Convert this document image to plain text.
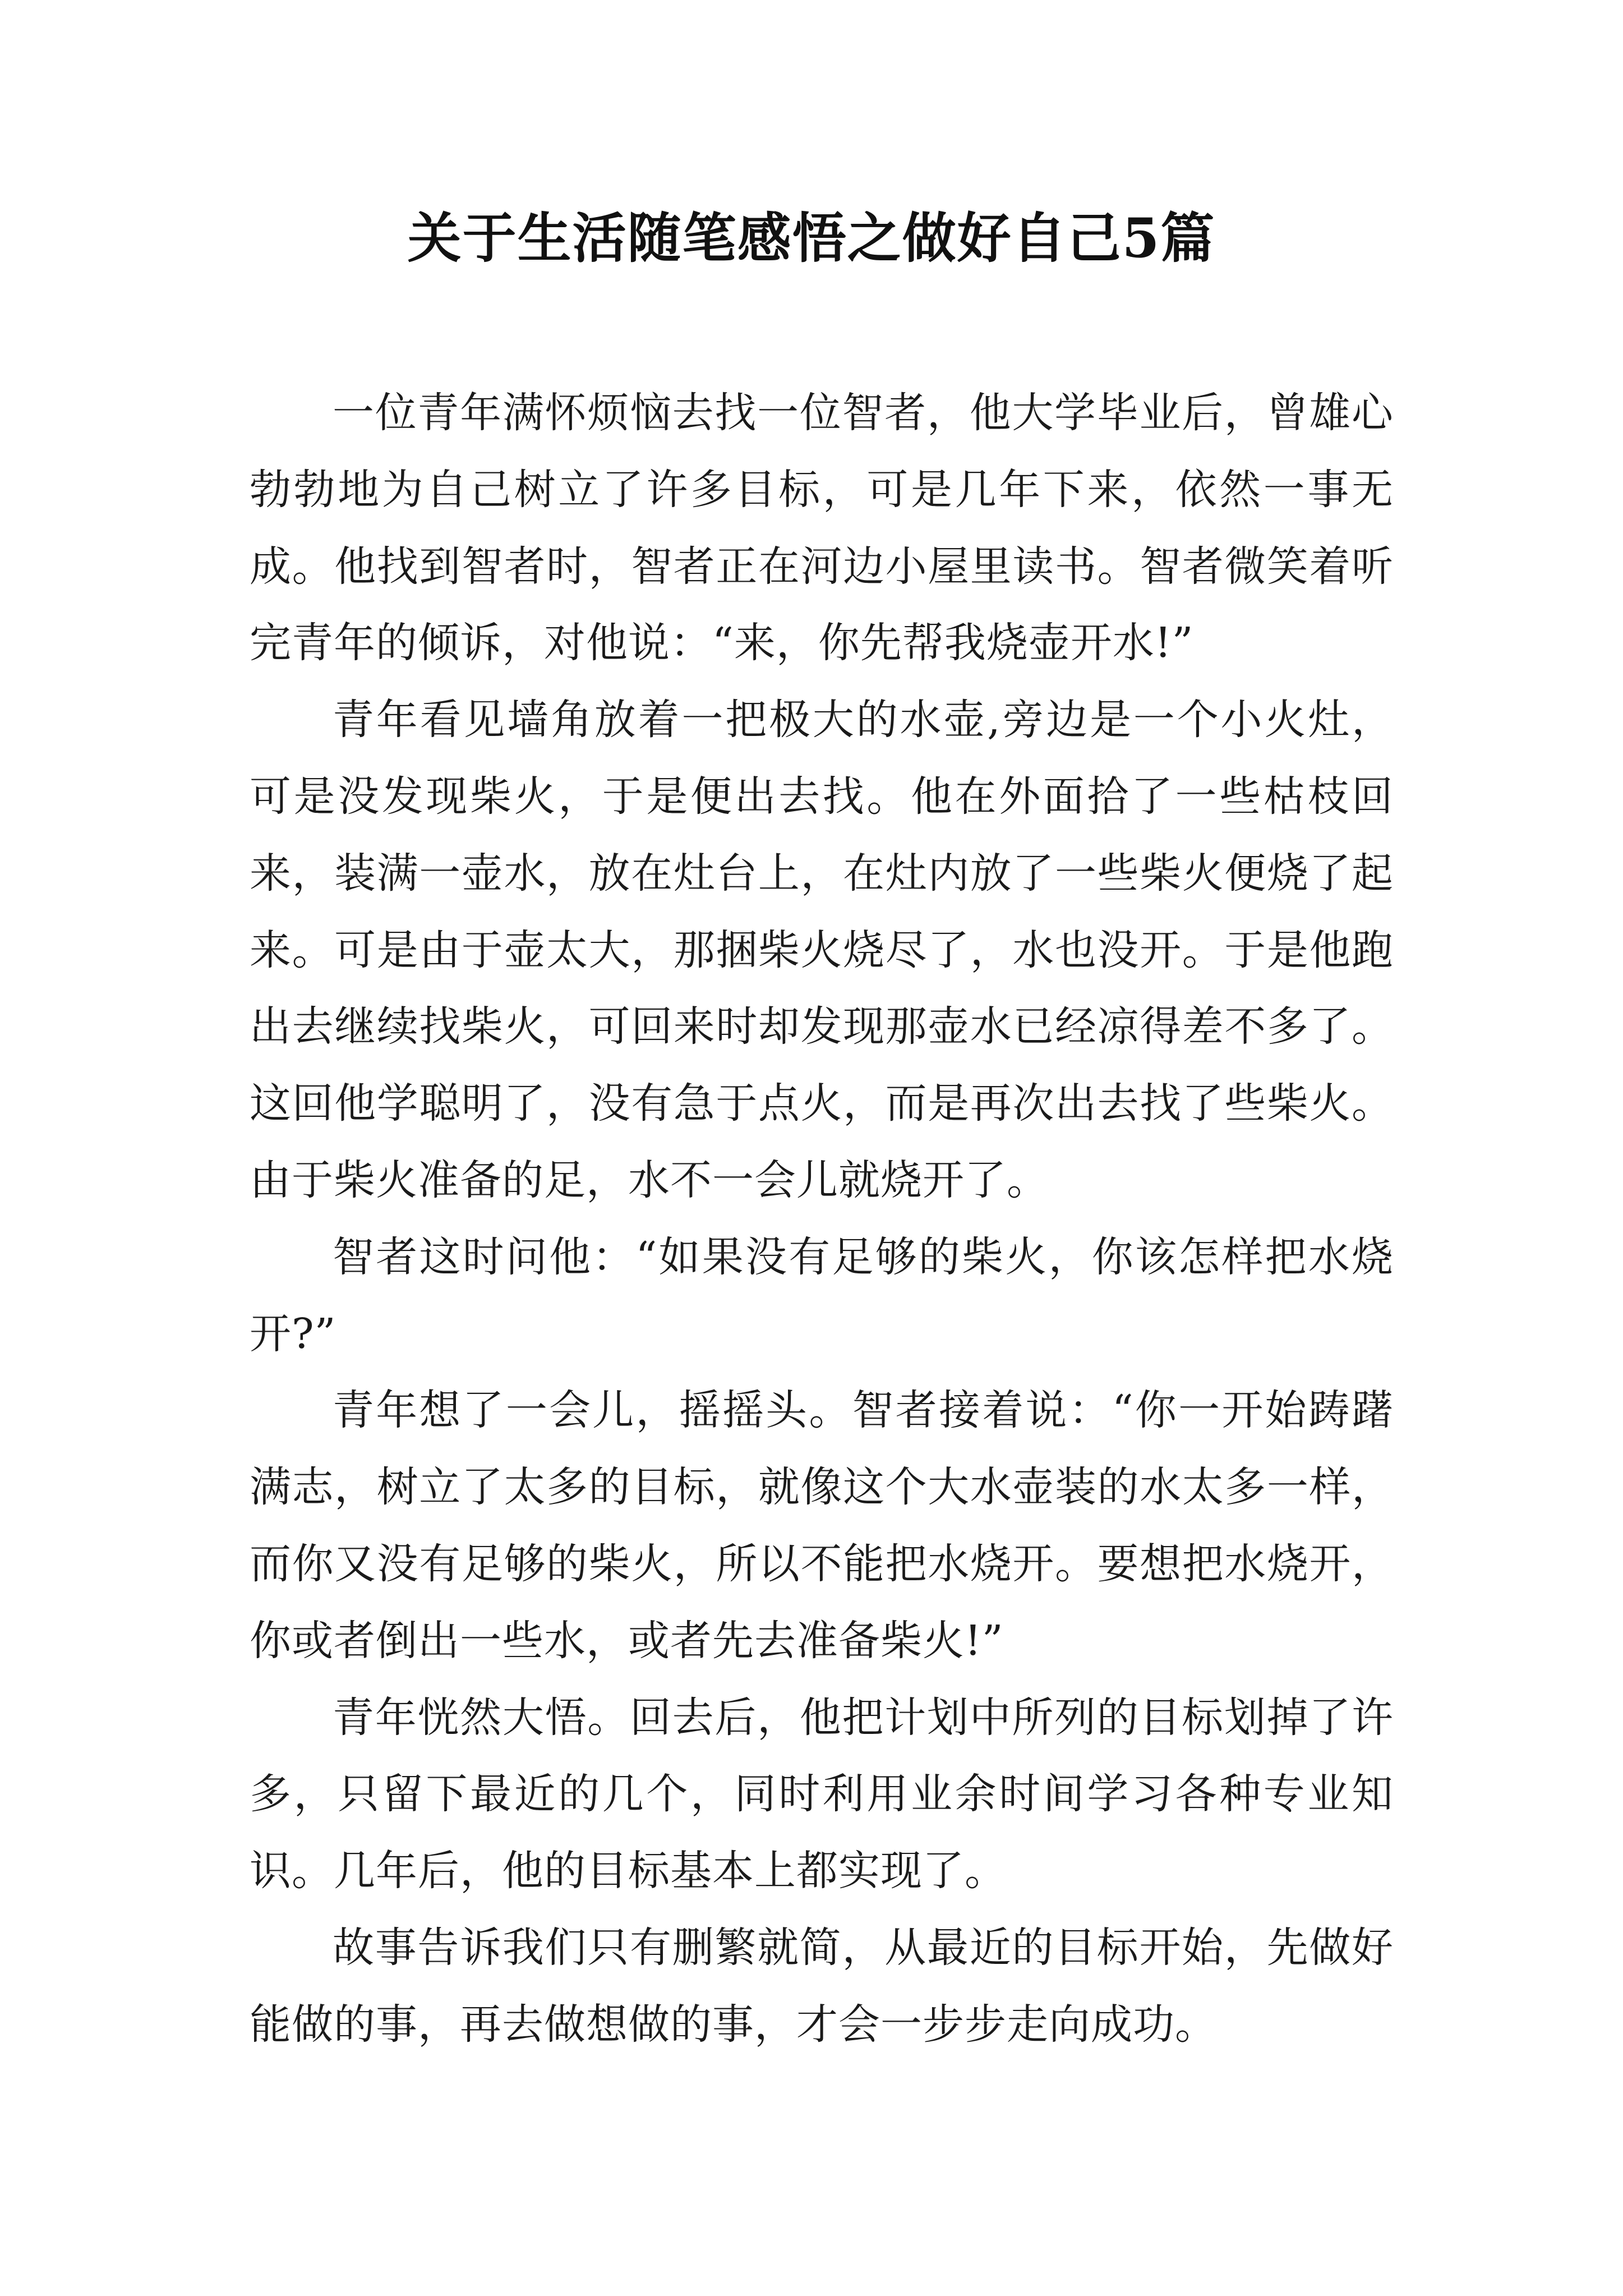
关于生活随笔感悟之做好自己5篇

一位青年满怀烦恼去找一位智者，他大学毕业后，曾雄心勃勃地为自己树立了许多目标，可是几年下来，依然一事无成。他找到智者时，智者正在河边小屋里读书。智者微笑着听完青年的倾诉，对他说：“来，你先帮我烧壶开水!”

青年看见墙角放着一把极大的水壶,旁边是一个小火灶，可是没发现柴火，于是便出去找。他在外面拾了一些枯枝回来，装满一壶水，放在灶台上，在灶内放了一些柴火便烧了起来。可是由于壶太大，那捆柴火烧尽了，水也没开。于是他跑出去继续找柴火，可回来时却发现那壶水已经凉得差不多了。这回他学聪明了，没有急于点火，而是再次出去找了些柴火。由于柴火准备的足，水不一会儿就烧开了。

智者这时问他：“如果没有足够的柴火，你该怎样把水烧开?”

青年想了一会儿，摇摇头。智者接着说：“你一开始踌躇满志，树立了太多的目标，就像这个大水壶装的水太多一样，而你又没有足够的柴火，所以不能把水烧开。要想把水烧开，你或者倒出一些水，或者先去准备柴火!”

青年恍然大悟。回去后，他把计划中所列的目标划掉了许多，只留下最近的几个，同时利用业余时间学习各种专业知识。几年后，他的目标基本上都实现了。

故事告诉我们只有删繁就简，从最近的目标开始，先做好能做的事，再去做想做的事，才会一步步走向成功。
